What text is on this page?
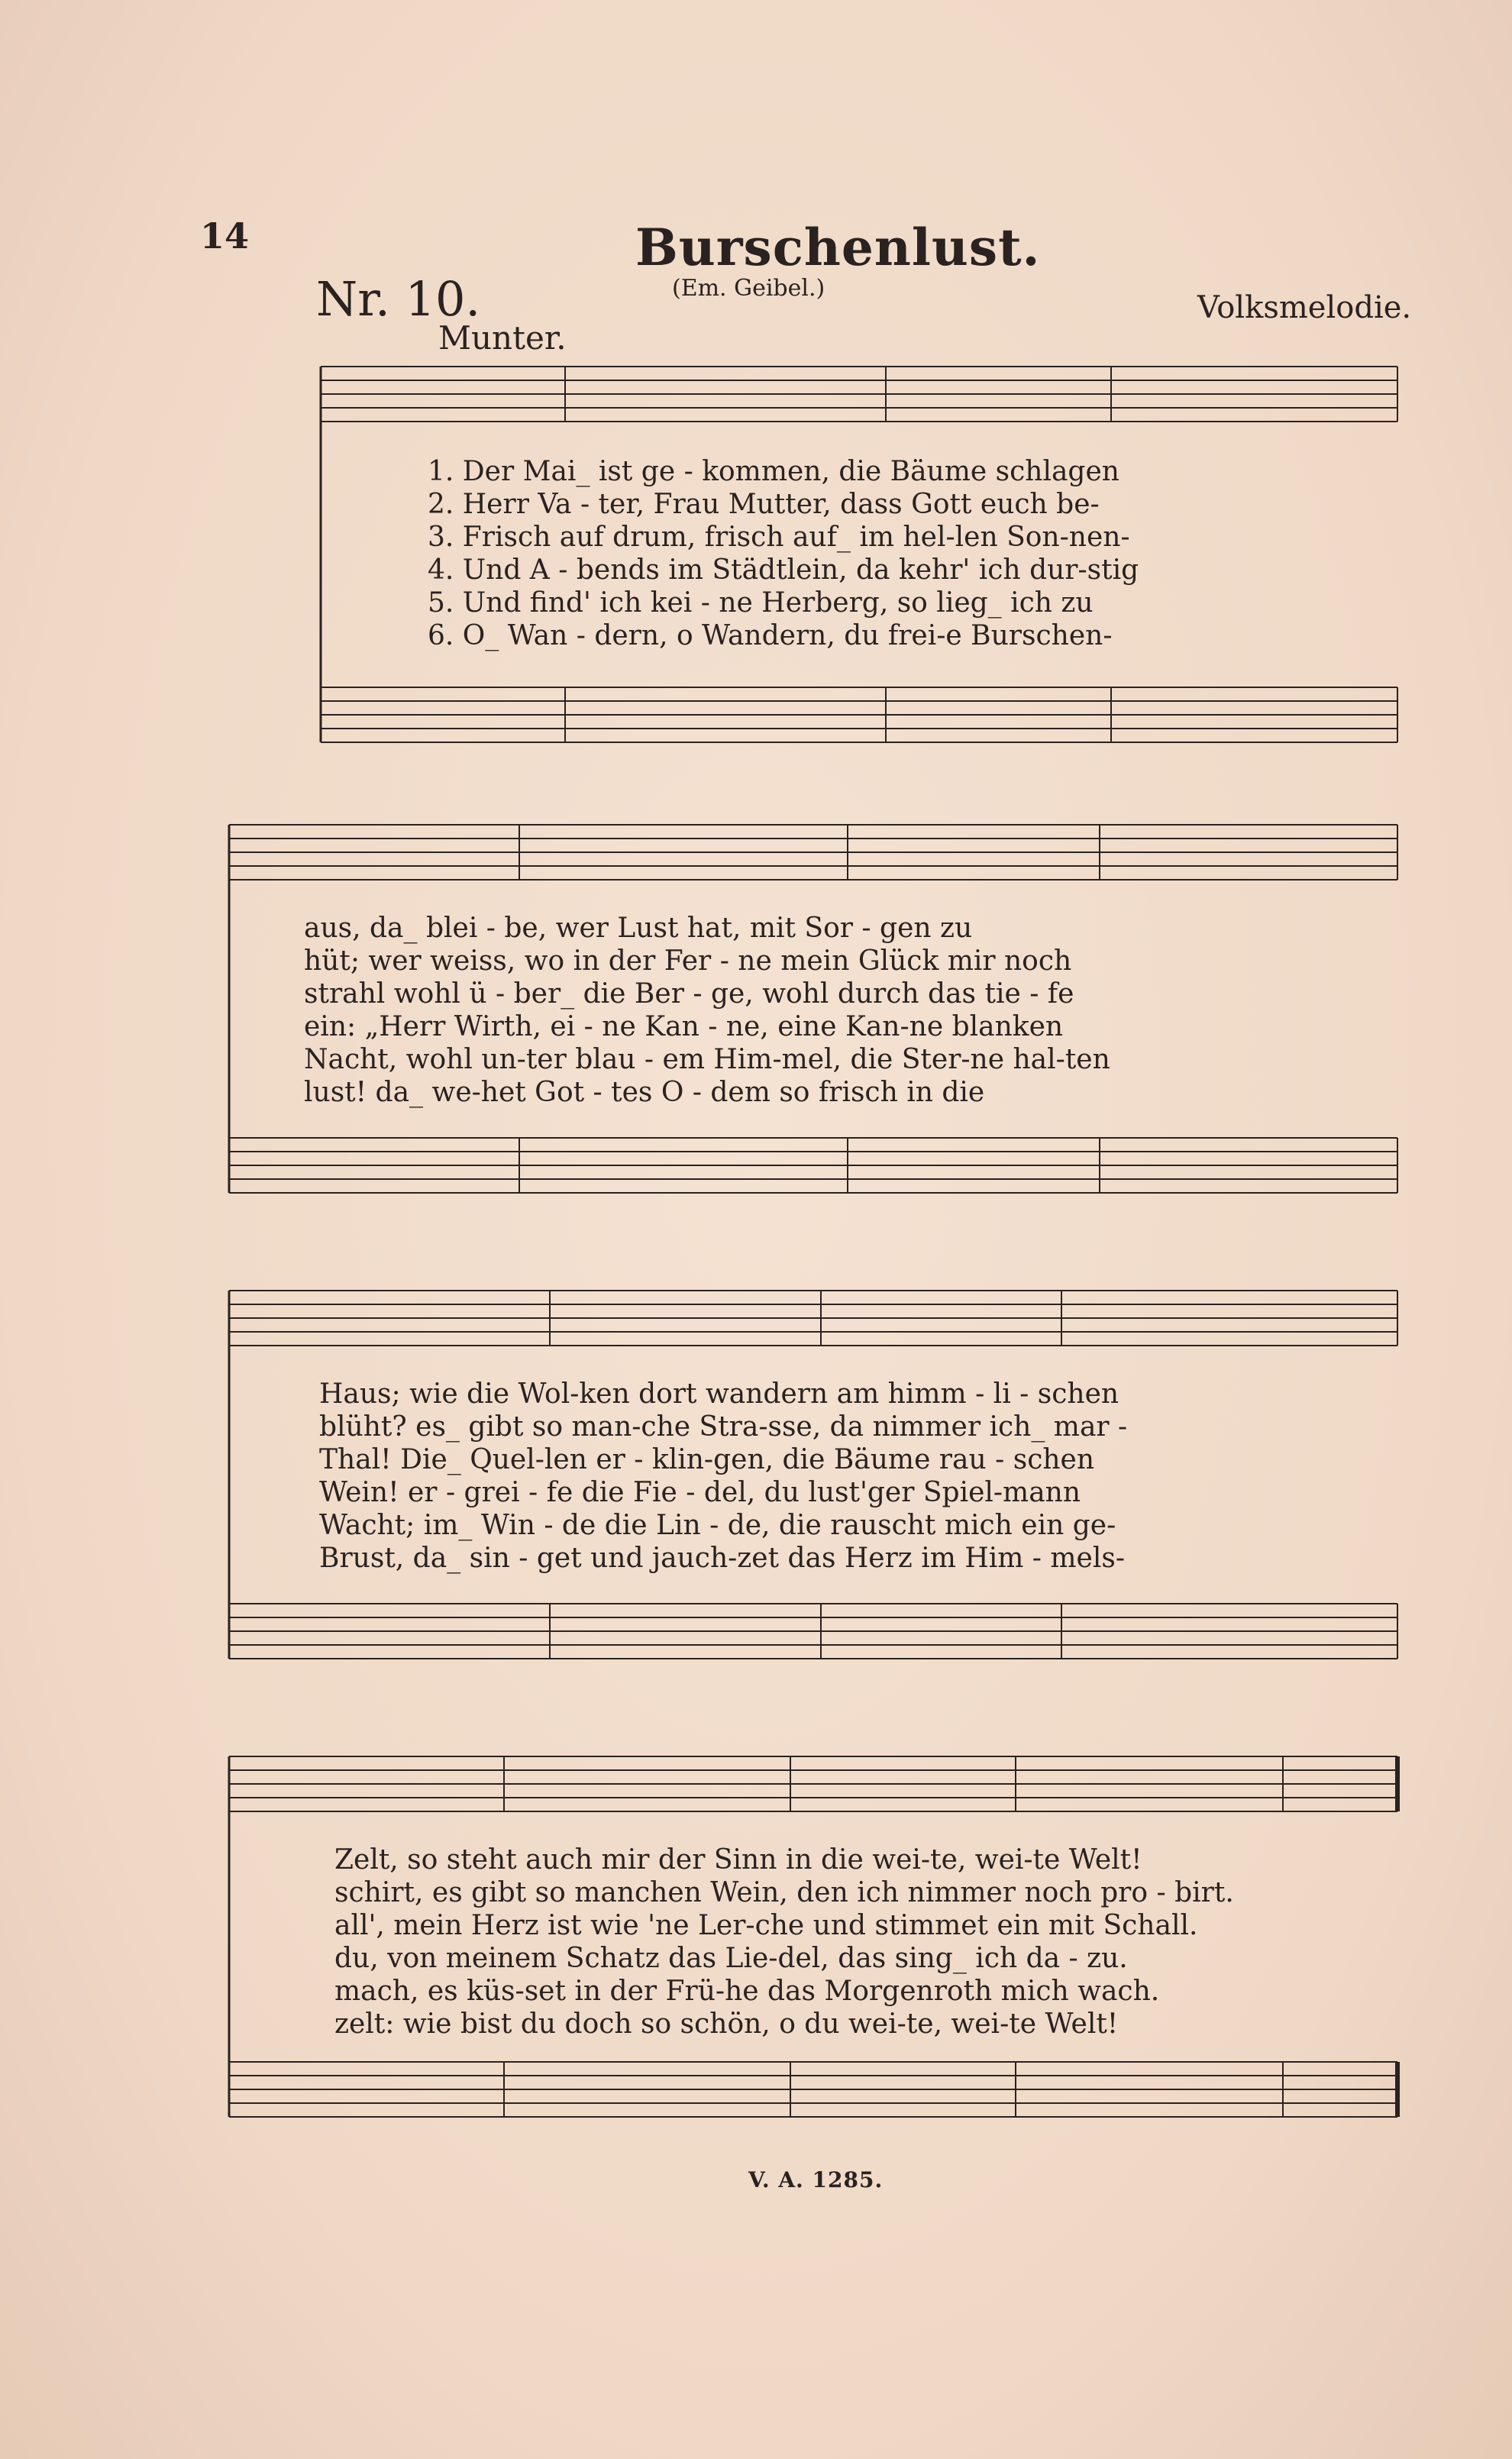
14	Burschenlust.
Nr. 10.	(Em. Geibel.)
Volksmelodie.
Munter.
1. Der Mai_ ist ge - kommen, die Bäume schlagen
2. Herr Va - ter, Frau Mutter, dass Gott euch be-
3. Frisch auf drum, frisch auf_ im hel-len Son-nen-
4. Und A - bends im Städtlein, da kehr' ich dur-stig
5. Und find' ich kei - ne Herberg, so lieg_ ich zu
6. O_ Wan - dern, o Wandern, du frei-e Burschen-
aus, da_ blei - be, wer Lust hat, mit Sor - gen zu
hüt; wer weiss, wo in der Fer - ne mein Glück mir noch
strahl wohl ü - ber_ die Ber - ge, wohl durch das tie - fe
ein: „Herr Wirth, ei - ne Kan - ne, eine Kan-ne blanken
Nacht, wohl un-ter blau - em Him-mel, die Ster-ne hal-ten
lust! da_ we-het Got - tes O - dem so frisch in die
Haus; wie die Wol-ken dort wandern am himm - li - schen
blüht? es_ gibt so man-che Stra-sse, da nimmer ich_ mar -
Thal! Die_ Quel-len er - klin-gen, die Bäume rau - schen
Wein! er - grei - fe die Fie - del, du lust'ger Spiel-mann
Wacht; im_ Win - de die Lin - de, die rauscht mich ein ge-
Brust, da_ sin - get und jauch-zet das Herz im Him - mels-
Zelt, so steht auch mir der Sinn in die wei-te, wei-te Welt!
schirt, es gibt so manchen Wein, den ich nimmer noch pro - birt.
all', mein Herz ist wie 'ne Ler-che und stimmet ein mit Schall.
du, von meinem Schatz das Lie-del, das sing_ ich da - zu.
mach, es küs-set in der Frü-he das Morgenroth mich wach.
zelt: wie bist du doch so schön, o du wei-te, wei-te Welt!
V. A. 1285.
